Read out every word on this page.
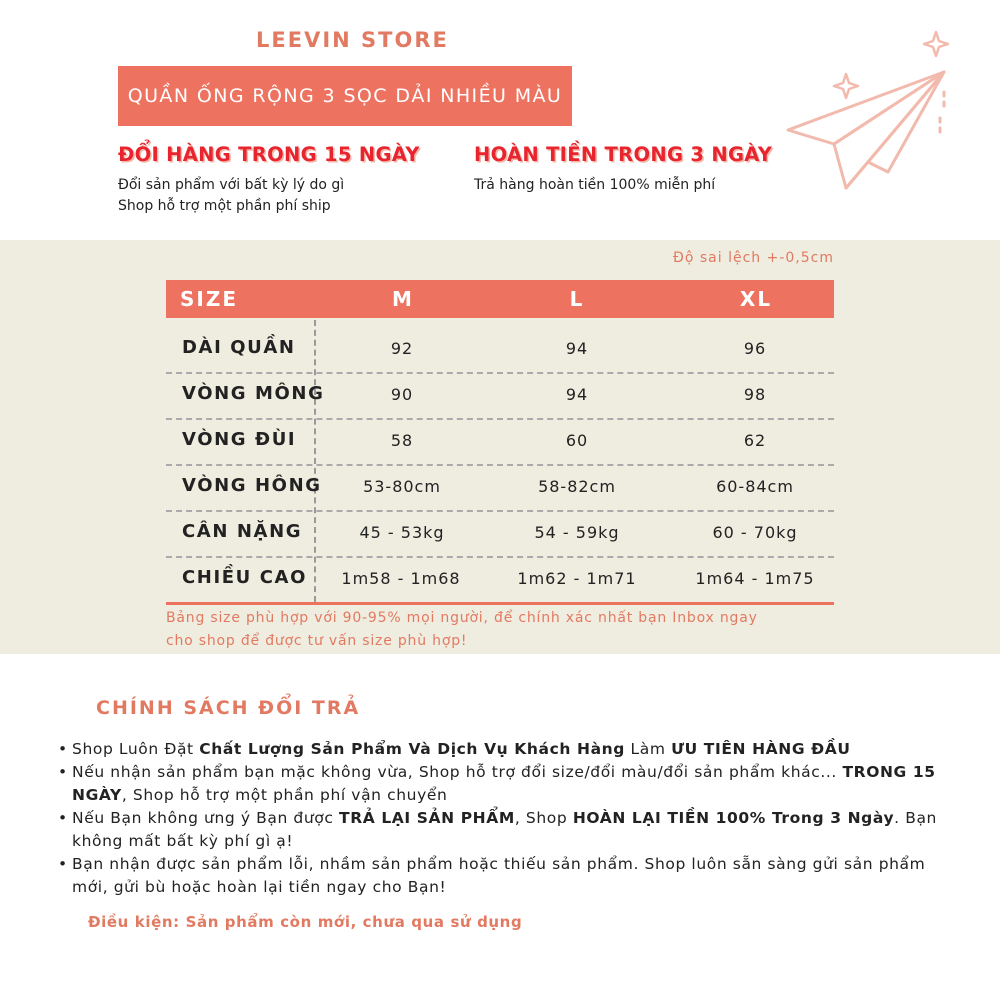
LEEVIN STORE
QUẦN ỐNG RỘNG 3 SỌC DẢI NHIỀU MÀU
ĐỔI HÀNG TRONG 15 NGÀY
Đổi sản phẩm với bất kỳ lý do gì
Shop hỗ trợ một phần phí ship
HOÀN TIỀN TRONG 3 NGÀY
Trả hàng hoàn tiền 100% miễn phí
Độ sai lệch +-0,5cm
SIZE	M	L	XL
DÀI QUẦN	92	94	96
VÒNG MÔNG	90	94	98
VÒNG ĐÙI	58	60	62
VÒNG HÔNG	53-80cm	58-82cm	60-84cm
CÂN NẶNG	45 - 53kg	54 - 59kg	60 - 70kg
CHIỀU CAO	1m58 - 1m68	1m62 - 1m71	1m64 - 1m75
Bảng size phù hợp với 90-95% mọi người, để chính xác nhất bạn Inbox ngay
cho shop để được tư vấn size phù hợp!
CHÍNH SÁCH ĐỔI TRẢ
• Shop Luôn Đặt Chất Lượng Sản Phẩm Và Dịch Vụ Khách Hàng Làm ƯU TIÊN HÀNG ĐẦU
• Nếu nhận sản phẩm bạn mặc không vừa, Shop hỗ trợ đổi size/đổi màu/đổi sản phẩm khác... TRONG 15 NGÀY, Shop hỗ trợ một phần phí vận chuyển
• Nếu Bạn không ưng ý Bạn được TRẢ LẠI SẢN PHẨM, Shop HOÀN LẠI TIỀN 100% Trong 3 Ngày. Bạn không mất bất kỳ phí gì ạ!
• Bạn nhận được sản phẩm lỗi, nhầm sản phẩm hoặc thiếu sản phẩm. Shop luôn sẵn sàng gửi sản phẩm mới, gửi bù hoặc hoàn lại tiền ngay cho Bạn!
Điều kiện: Sản phẩm còn mới, chưa qua sử dụng
